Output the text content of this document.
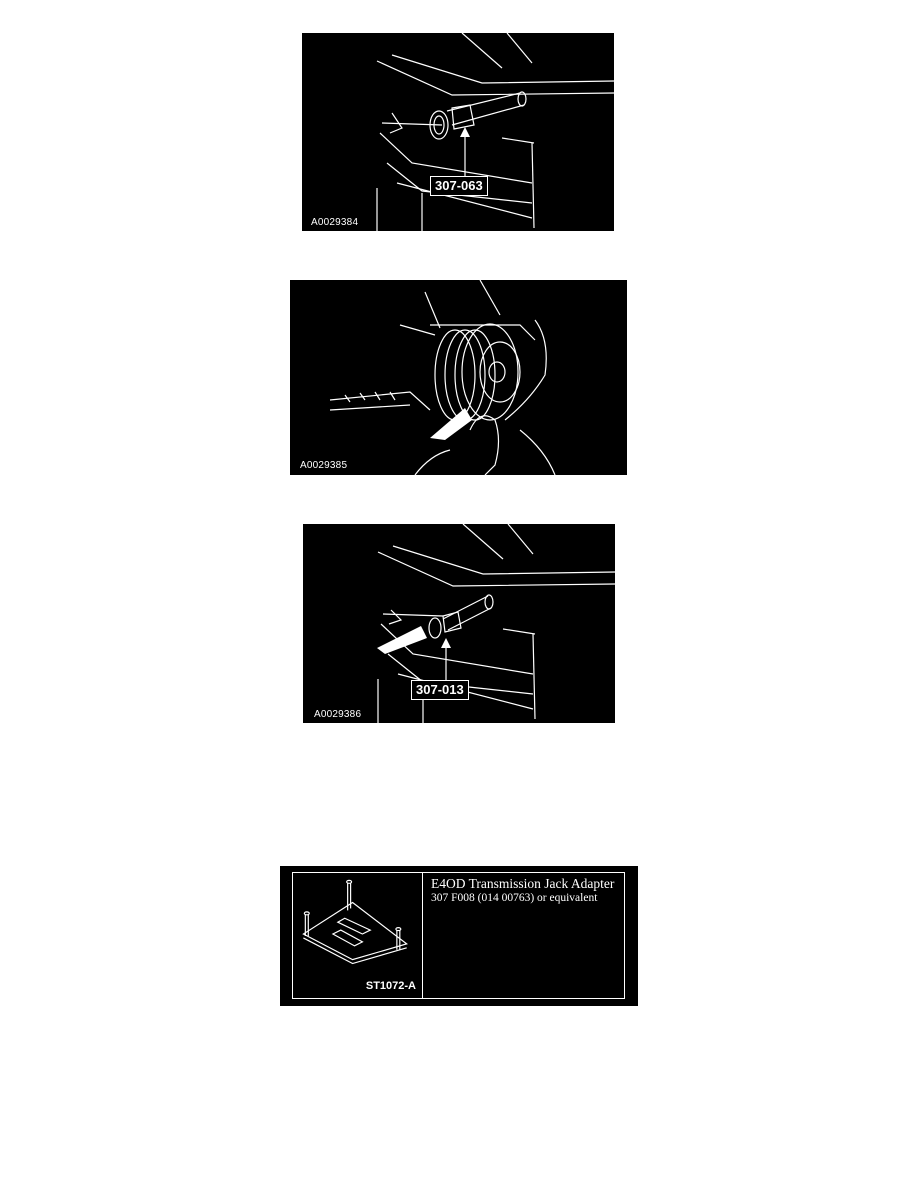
307-063
A0029384
A0029385
307-013
A0029386
ST1072-A
E4OD Transmission Jack Adapter
307 F008 (014 00763) or equivalent
